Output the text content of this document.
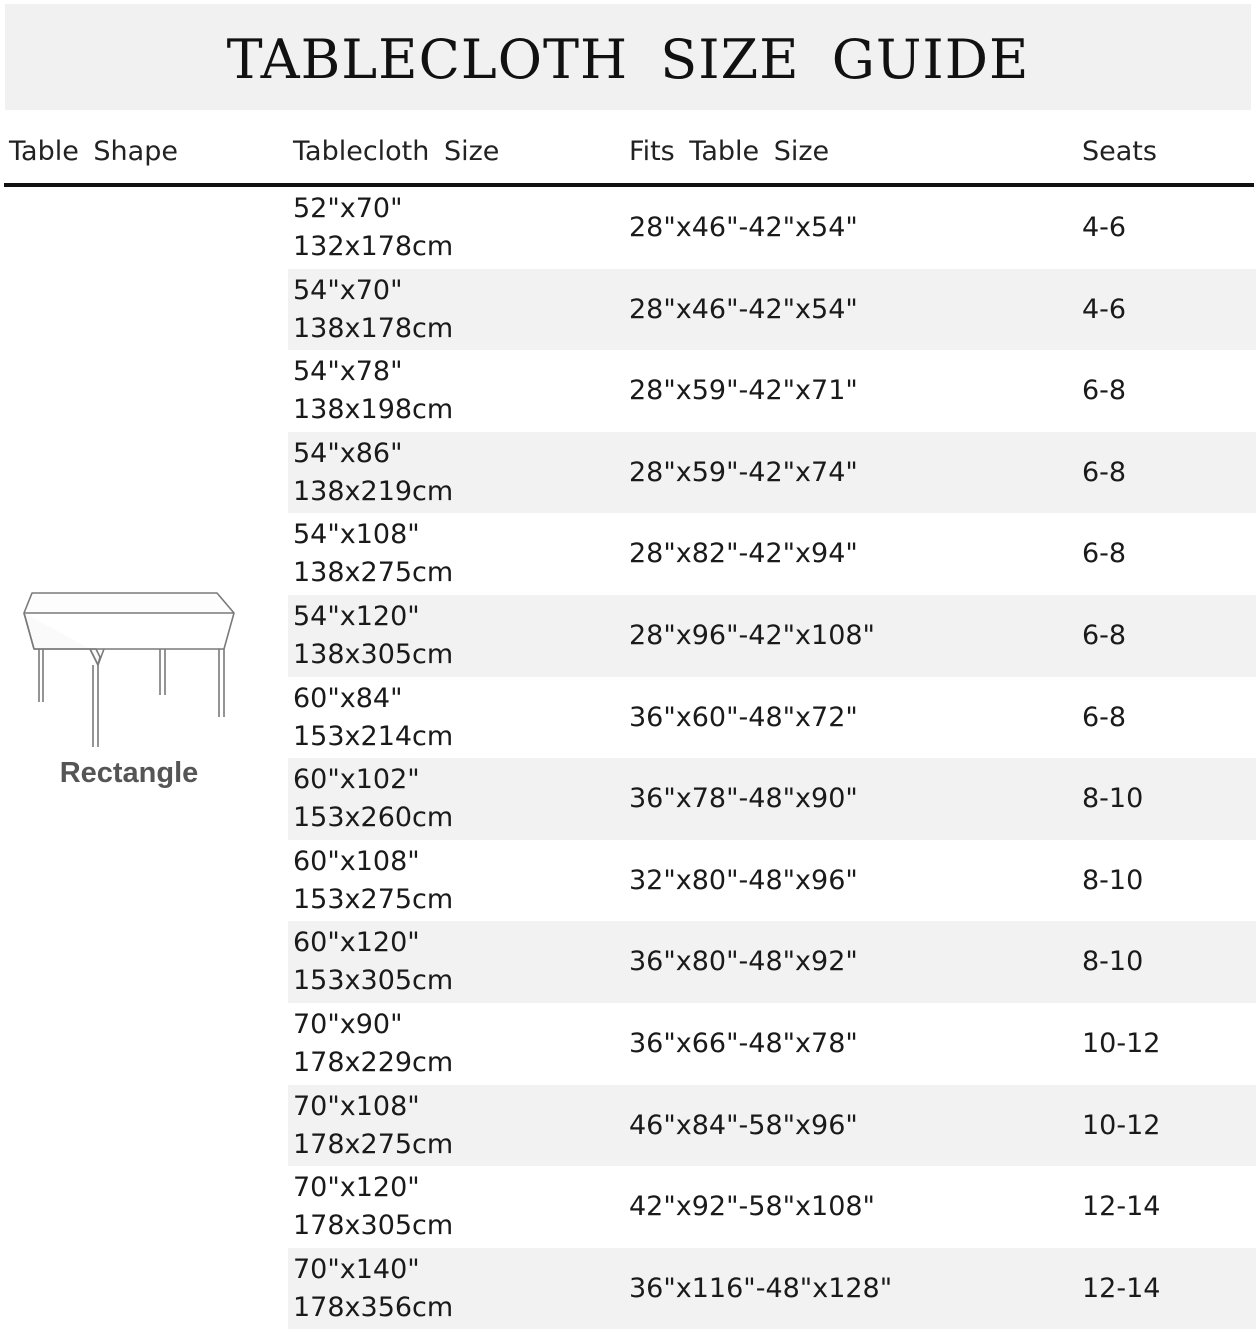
TABLECLOTH SIZE GUIDE
Table Shape	Tablecloth Size	Fits Table Size	Seats
Rectangle
52"x70"
132x178cm
28"x46"-42"x54"	4-6
54"x70"
138x178cm
28"x46"-42"x54"	4-6
54"x78"
138x198cm
28"x59"-42"x71"	6-8
54"x86"
138x219cm
28"x59"-42"x74"	6-8
54"x108"
138x275cm
28"x82"-42"x94"	6-8
54"x120"
138x305cm
28"x96"-42"x108"	6-8
60"x84"
153x214cm
36"x60"-48"x72"	6-8
60"x102"
153x260cm
36"x78"-48"x90"	8-10
60"x108"
153x275cm
32"x80"-48"x96"	8-10
60"x120"
153x305cm
36"x80"-48"x92"	8-10
70"x90"
178x229cm
36"x66"-48"x78"	10-12
70"x108"
178x275cm
46"x84"-58"x96"	10-12
70"x120"
178x305cm
42"x92"-58"x108"	12-14
70"x140"
178x356cm
36"x116"-48"x128"	12-14
